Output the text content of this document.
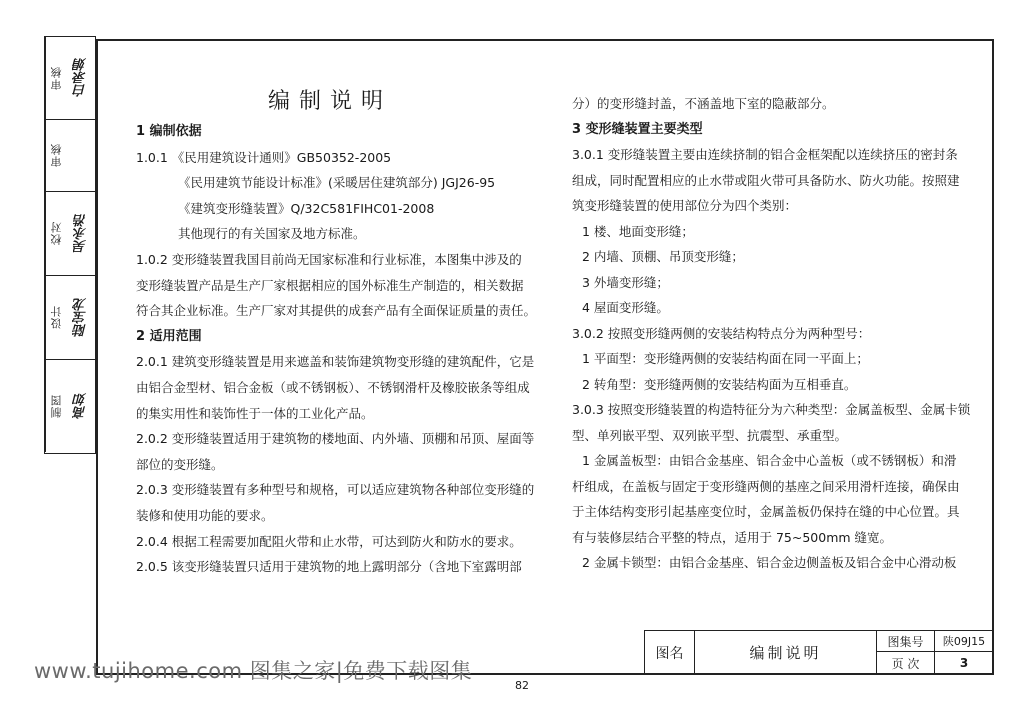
审核 白录娟
审核
校对 吴永浩
设计 陆宝龙
制图 高如
编制说明
1 编制依据
1.0.1 《民用建筑设计通则》GB50352-2005
《民用建筑节能设计标准》(采暖居住建筑部分) JGJ26-95
《建筑变形缝装置》Q/32C581FIHC01-2008
其他现行的有关国家及地方标准。
1.0.2 变形缝装置我国目前尚无国家标准和行业标准，本图集中涉及的
变形缝装置产品是生产厂家根据相应的国外标准生产制造的，相关数据
符合其企业标准。生产厂家对其提供的成套产品有全面保证质量的责任。
2 适用范围
2.0.1 建筑变形缝装置是用来遮盖和装饰建筑物变形缝的建筑配件，它是
由铝合金型材、铝合金板（或不锈钢板）、不锈钢滑杆及橡胶嵌条等组成
的集实用性和装饰性于一体的工业化产品。
2.0.2 变形缝装置适用于建筑物的楼地面、内外墙、顶棚和吊顶、屋面等
部位的变形缝。
2.0.3 变形缝装置有多种型号和规格，可以适应建筑物各种部位变形缝的
装修和使用功能的要求。
2.0.4 根据工程需要加配阻火带和止水带，可达到防火和防水的要求。
2.0.5 该变形缝装置只适用于建筑物的地上露明部分（含地下室露明部
分）的变形缝封盖，不涵盖地下室的隐蔽部分。
3 变形缝装置主要类型
3.0.1 变形缝装置主要由连续挤制的铝合金框架配以连续挤压的密封条
组成，同时配置相应的止水带或阻火带可具备防水、防火功能。按照建
筑变形缝装置的使用部位分为四个类别：
1 楼、地面变形缝；
2 内墙、顶棚、吊顶变形缝；
3 外墙变形缝；
4 屋面变形缝。
3.0.2 按照变形缝两侧的安装结构特点分为两种型号：
1 平面型：变形缝两侧的安装结构面在同一平面上；
2 转角型：变形缝两侧的安装结构面为互相垂直。
3.0.3 按照变形缝装置的构造特征分为六种类型：金属盖板型、金属卡锁
型、单列嵌平型、双列嵌平型、抗震型、承重型。
1 金属盖板型：由铝合金基座、铝合金中心盖板（或不锈钢板）和滑
杆组成，在盖板与固定于变形缝两侧的基座之间采用滑杆连接，确保由
于主体结构变形引起基座变位时，金属盖板仍保持在缝的中心位置。具
有与装修层结合平整的特点，适用于 75~500mm 缝宽。
2 金属卡锁型：由铝合金基座、铝合金边侧盖板及铝合金中心滑动板
图名	编制说明
图集号	陕09J15
页 次	3
www.tujihome.com 图集之家|免费下载图集
82
